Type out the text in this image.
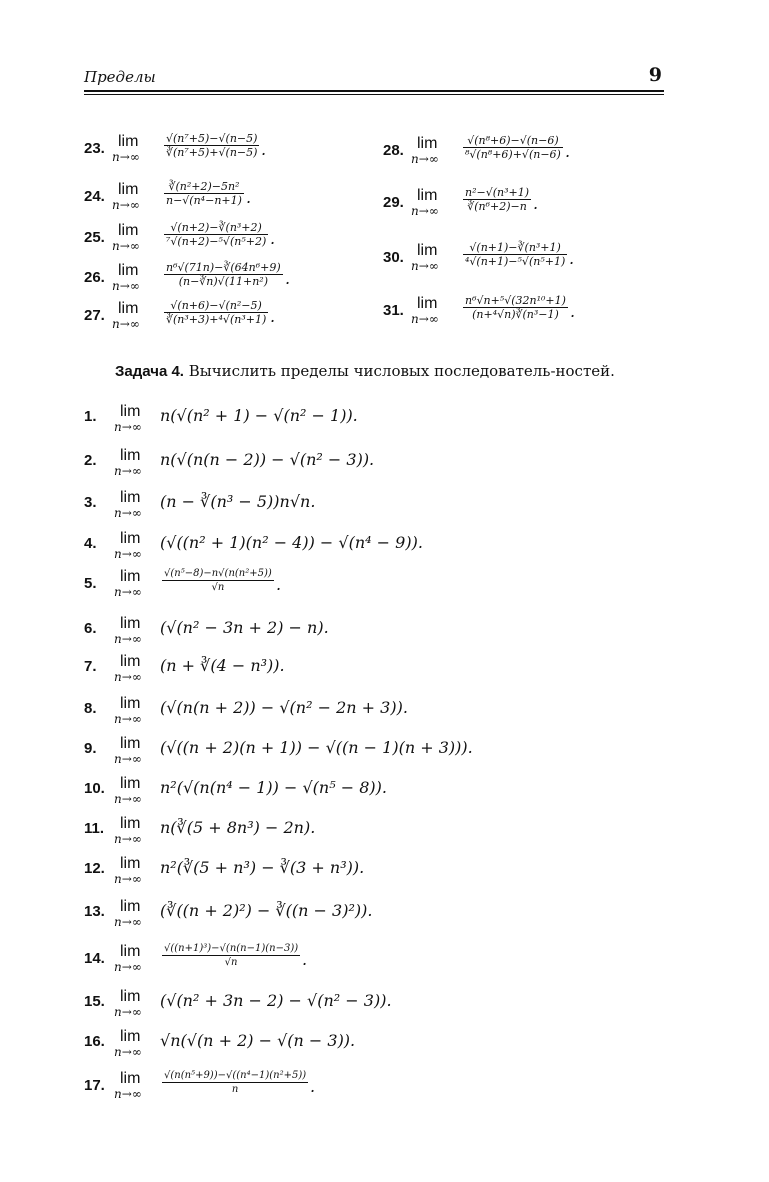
Пределы	9
23. lim
n→∞
√(n⁷+5)−√(n−5)
∛(n⁷+5)+√(n−5) .
24. lim
n→∞
∛(n²+2)−5n²
n−√(n⁴−n+1) .
25. lim
n→∞
√(n+2)−∛(n³+2)
⁷√(n+2)−⁵√(n⁵+2) .
26. lim
n→∞
n⁶√(71n)−∛(64n⁶+9)
(n−∛n)√(11+n²)	.
27. lim
n→∞
√(n+6)−√(n²−5)
∛(n³+3)+⁴√(n³+1) .
28. lim
n→∞
√(n⁸+6)−√(n−6)
⁸√(n⁸+6)+√(n−6) .
29. lim
n→∞
n²−√(n³+1)
∛(n⁶+2)−n .
30. lim
n→∞
√(n+1)−∛(n³+1)
⁴√(n+1)−⁵√(n⁵+1) .
31. lim
n→∞
n⁶√n+⁵√(32n¹⁰+1)
(n+⁴√n)∛(n³−1) .
Задача 4. Вычислить пределы числовых последователь-ностей.
1. lim
n→∞
n(√(n² + 1) − √(n² − 1)).
2. lim
n→∞
n(√(n(n − 2)) − √(n² − 3)).
3. lim
n→∞
(n − ∛(n³ − 5))n√n.
4. lim
n→∞
(√((n² + 1)(n² − 4)) − √(n⁴ − 9)).
5. lim
n→∞
√(n⁵−8)−n√(n(n²+5))
√n	.
6. lim
n→∞
(√(n² − 3n + 2) − n).
7. lim
n→∞
(n + ∛(4 − n³)).
8. lim
n→∞
(√(n(n + 2)) − √(n² − 2n + 3)).
9. lim
n→∞
(√((n + 2)(n + 1)) − √((n − 1)(n + 3))).
10. lim
n→∞
n²(√(n(n⁴ − 1)) − √(n⁵ − 8)).
11. lim
n→∞
n(∛(5 + 8n³) − 2n).
12. lim
n→∞
n²(∛(5 + n³) − ∛(3 + n³)).
13. lim
n→∞
(∛((n + 2)²) − ∛((n − 3)²)).
14. lim
n→∞
√((n+1)³)−√(n(n−1)(n−3))
√n	.
15. lim
n→∞
(√(n² + 3n − 2) − √(n² − 3)).
16. lim
n→∞
√n(√(n + 2) − √(n − 3)).
17. lim
n→∞
√(n(n⁵+9))−√((n⁴−1)(n²+5))
n	.
